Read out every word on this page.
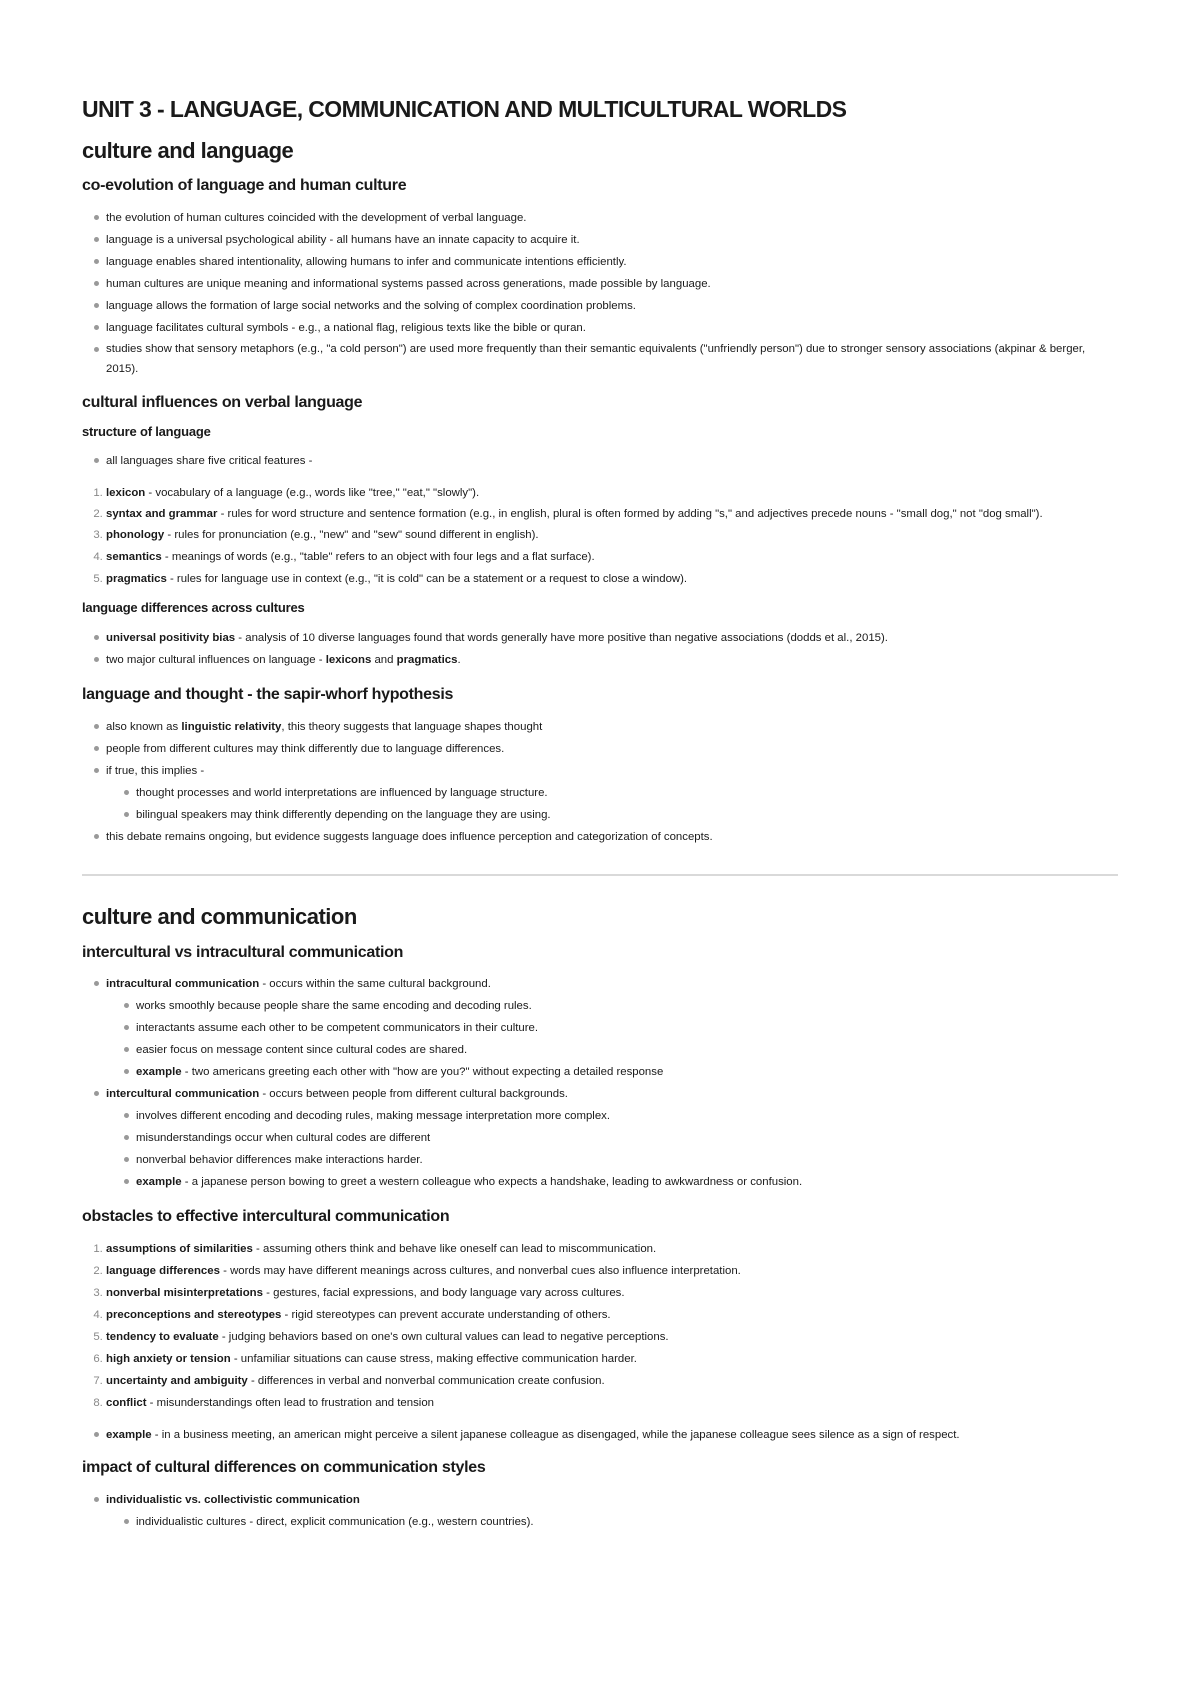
UNIT 3 - LANGUAGE, COMMUNICATION AND MULTICULTURAL WORLDS
culture and language
co-evolution of language and human culture
the evolution of human cultures coincided with the development of verbal language.
language is a universal psychological ability - all humans have an innate capacity to acquire it.
language enables shared intentionality, allowing humans to infer and communicate intentions efficiently.
human cultures are unique meaning and informational systems passed across generations, made possible by language.
language allows the formation of large social networks and the solving of complex coordination problems.
language facilitates cultural symbols - e.g., a national flag, religious texts like the bible or quran.
studies show that sensory metaphors (e.g., "a cold person") are used more frequently than their semantic equivalents ("unfriendly person") due to stronger sensory associations (akpinar & berger, 2015).
cultural influences on verbal language
structure of language
all languages share five critical features -
1. lexicon - vocabulary of a language (e.g., words like "tree," "eat," "slowly").
2. syntax and grammar - rules for word structure and sentence formation (e.g., in english, plural is often formed by adding "s," and adjectives precede nouns - "small dog," not "dog small").
3. phonology - rules for pronunciation (e.g., "new" and "sew" sound different in english).
4. semantics - meanings of words (e.g., "table" refers to an object with four legs and a flat surface).
5. pragmatics - rules for language use in context (e.g., "it is cold" can be a statement or a request to close a window).
language differences across cultures
universal positivity bias - analysis of 10 diverse languages found that words generally have more positive than negative associations (dodds et al., 2015).
two major cultural influences on language - lexicons and pragmatics.
language and thought - the sapir-whorf hypothesis
also known as linguistic relativity, this theory suggests that language shapes thought
people from different cultures may think differently due to language differences.
if true, this implies -
thought processes and world interpretations are influenced by language structure.
bilingual speakers may think differently depending on the language they are using.
this debate remains ongoing, but evidence suggests language does influence perception and categorization of concepts.
culture and communication
intercultural vs intracultural communication
intracultural communication - occurs within the same cultural background.
works smoothly because people share the same encoding and decoding rules.
interactants assume each other to be competent communicators in their culture.
easier focus on message content since cultural codes are shared.
example - two americans greeting each other with "how are you?" without expecting a detailed response
intercultural communication - occurs between people from different cultural backgrounds.
involves different encoding and decoding rules, making message interpretation more complex.
misunderstandings occur when cultural codes are different
nonverbal behavior differences make interactions harder.
example - a japanese person bowing to greet a western colleague who expects a handshake, leading to awkwardness or confusion.
obstacles to effective intercultural communication
1. assumptions of similarities - assuming others think and behave like oneself can lead to miscommunication.
2. language differences - words may have different meanings across cultures, and nonverbal cues also influence interpretation.
3. nonverbal misinterpretations - gestures, facial expressions, and body language vary across cultures.
4. preconceptions and stereotypes - rigid stereotypes can prevent accurate understanding of others.
5. tendency to evaluate - judging behaviors based on one's own cultural values can lead to negative perceptions.
6. high anxiety or tension - unfamiliar situations can cause stress, making effective communication harder.
7. uncertainty and ambiguity - differences in verbal and nonverbal communication create confusion.
8. conflict - misunderstandings often lead to frustration and tension
example - in a business meeting, an american might perceive a silent japanese colleague as disengaged, while the japanese colleague sees silence as a sign of respect.
impact of cultural differences on communication styles
individualistic vs. collectivistic communication
individualistic cultures - direct, explicit communication (e.g., western countries).
